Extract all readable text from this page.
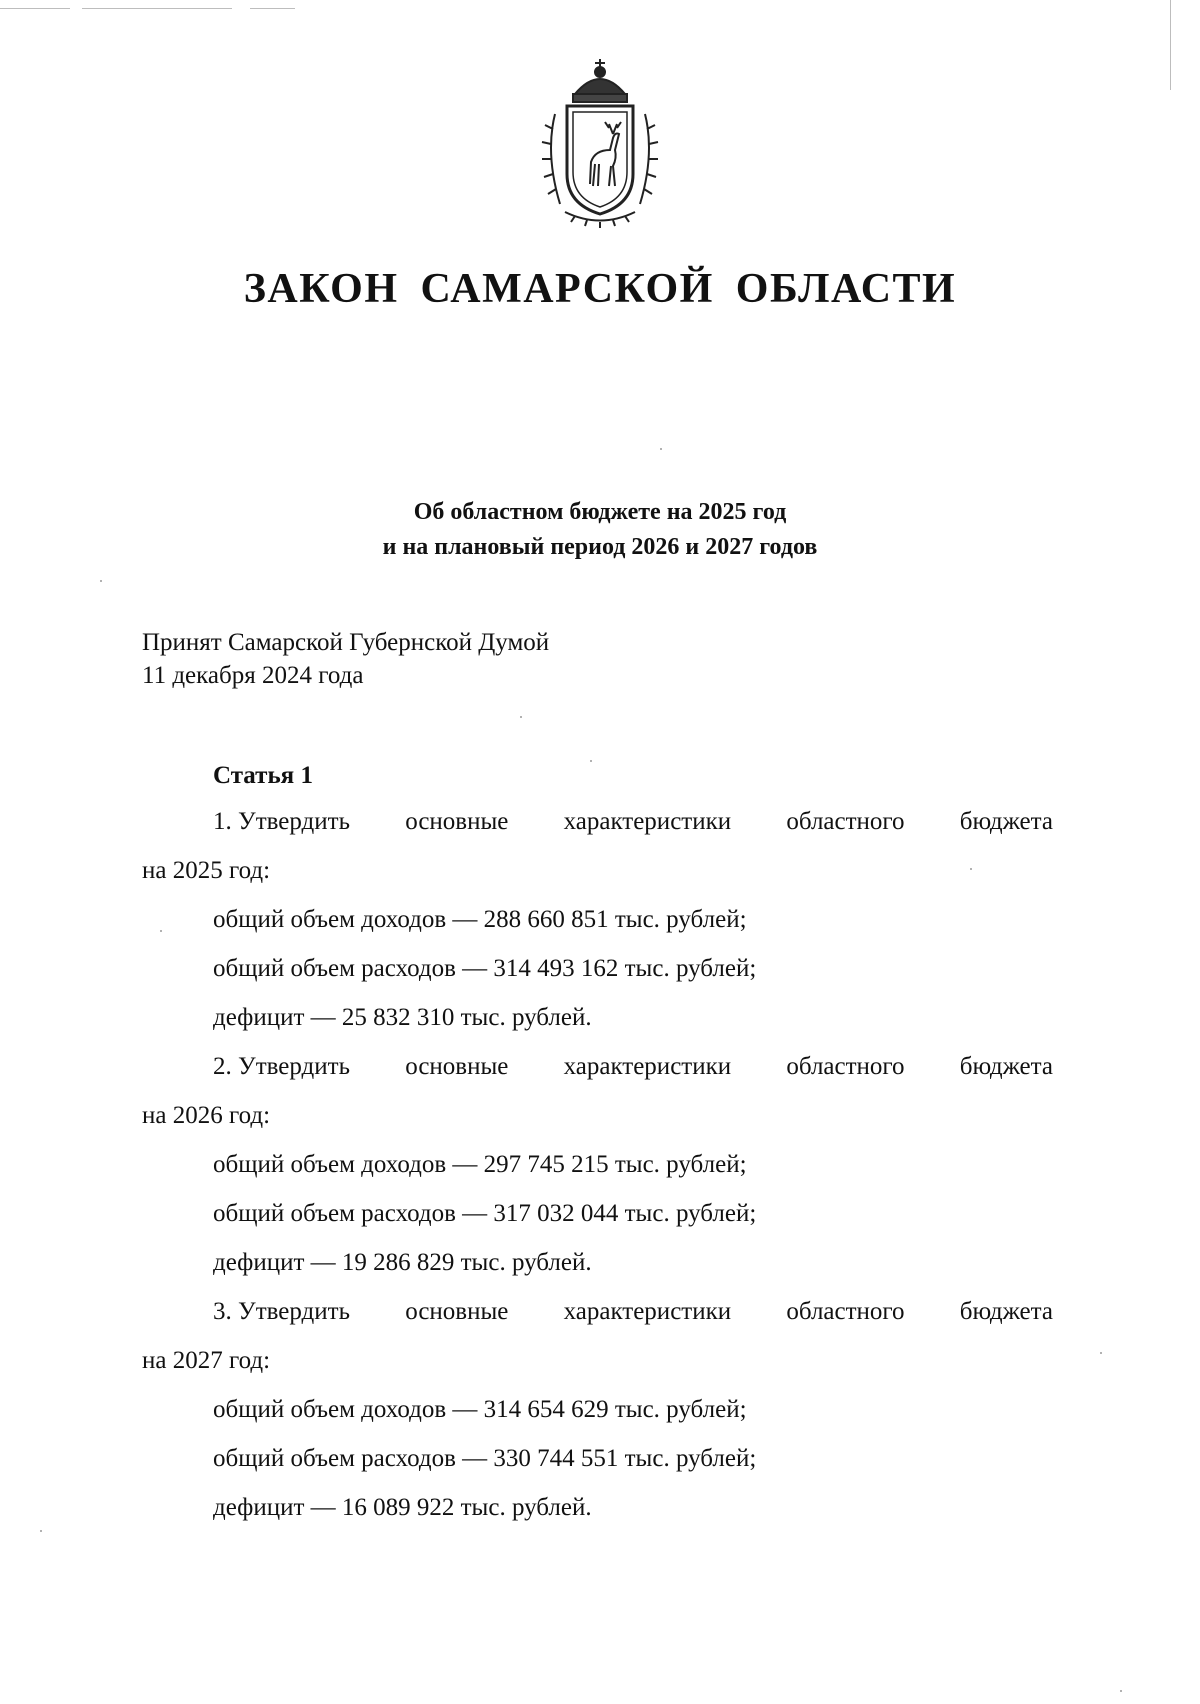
ЗАКОН САМАРСКОЙ ОБЛАСТИ
Об областном бюджете на 2025 год
и на плановый период 2026 и 2027 годов
Принят Самарской Губернской Думой
11 декабря 2024 года
Статья 1
1. Утвердить основные характеристики областного бюджета
на 2025 год:
общий объем доходов — 288 660 851 тыс. рублей;
общий объем расходов — 314 493 162 тыс. рублей;
дефицит — 25 832 310 тыс. рублей.
2. Утвердить основные характеристики областного бюджета
на 2026 год:
общий объем доходов — 297 745 215 тыс. рублей;
общий объем расходов — 317 032 044 тыс. рублей;
дефицит — 19 286 829 тыс. рублей.
3. Утвердить основные характеристики областного бюджета
на 2027 год:
общий объем доходов — 314 654 629 тыс. рублей;
общий объем расходов — 330 744 551 тыс. рублей;
дефицит — 16 089 922 тыс. рублей.
